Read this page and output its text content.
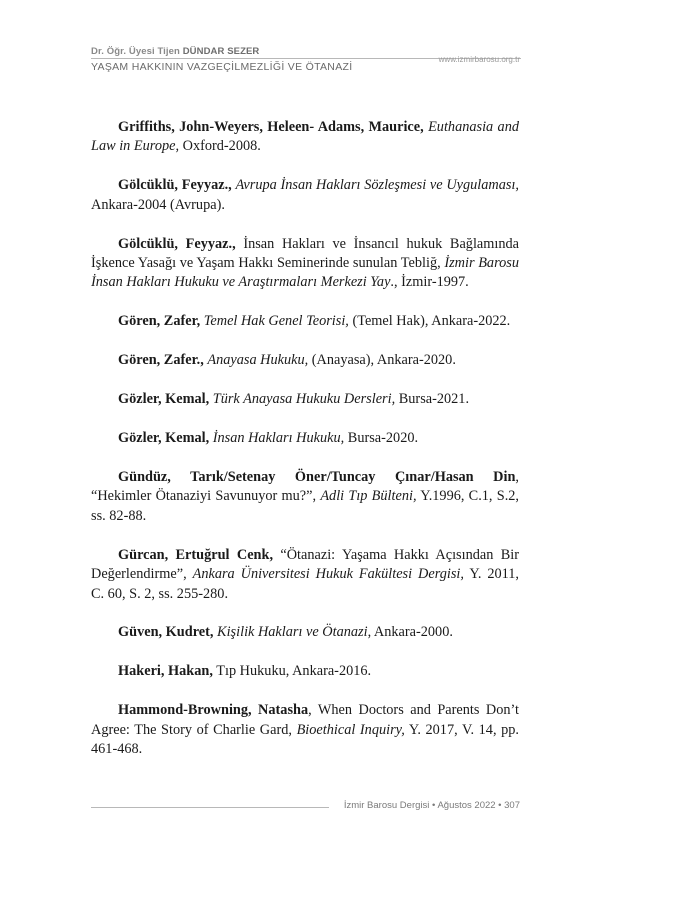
Dr. Öğr. Üyesi Tijen DÜNDAR SEZER
www.izmirbarosu.org.tr
YAŞAM HAKKININ VAZGEÇİLMEZLİĞİ VE ÖTANAZİ

Griffiths, John-Weyers, Heleen- Adams, Maurice, Euthanasia and Law in Europe, Oxford-2008.

Gölcüklü, Feyyaz., Avrupa İnsan Hakları Sözleşmesi ve Uygulaması, Ankara-2004 (Avrupa).

Gölcüklü, Feyyaz., İnsan Hakları ve İnsancıl hukuk Bağlamında İşkence Yasağı ve Yaşam Hakkı Seminerinde sunulan Tebliğ, İzmir Barosu İnsan Hakları Hukuku ve Araştırmaları Merkezi Yay., İzmir-1997.

Gören, Zafer, Temel Hak Genel Teorisi, (Temel Hak), Ankara-2022.

Gören, Zafer., Anayasa Hukuku, (Anayasa), Ankara-2020.

Gözler, Kemal, Türk Anayasa Hukuku Dersleri, Bursa-2021.

Gözler, Kemal, İnsan Hakları Hukuku, Bursa-2020.

Gündüz, Tarık/Setenay Öner/Tuncay Çınar/Hasan Din, “Hekimler Ötanaziyi Savunuyor mu?”, Adli Tıp Bülteni, Y.1996, C.1, S.2, ss. 82-88.

Gürcan, Ertuğrul Cenk, “Ötanazi: Yaşama Hakkı Açısından Bir Değerlendirme”, Ankara Üniversitesi Hukuk Fakültesi Dergisi, Y. 2011, C. 60, S. 2, ss. 255-280.

Güven, Kudret, Kişilik Hakları ve Ötanazi, Ankara-2000.

Hakeri, Hakan, Tıp Hukuku, Ankara-2016.

Hammond-Browning, Natasha, When Doctors and Parents Don’t Agree: The Story of Charlie Gard, Bioethical Inquiry, Y. 2017, V. 14, pp. 461-468.

İzmir Barosu Dergisi • Ağustos 2022 • 307
